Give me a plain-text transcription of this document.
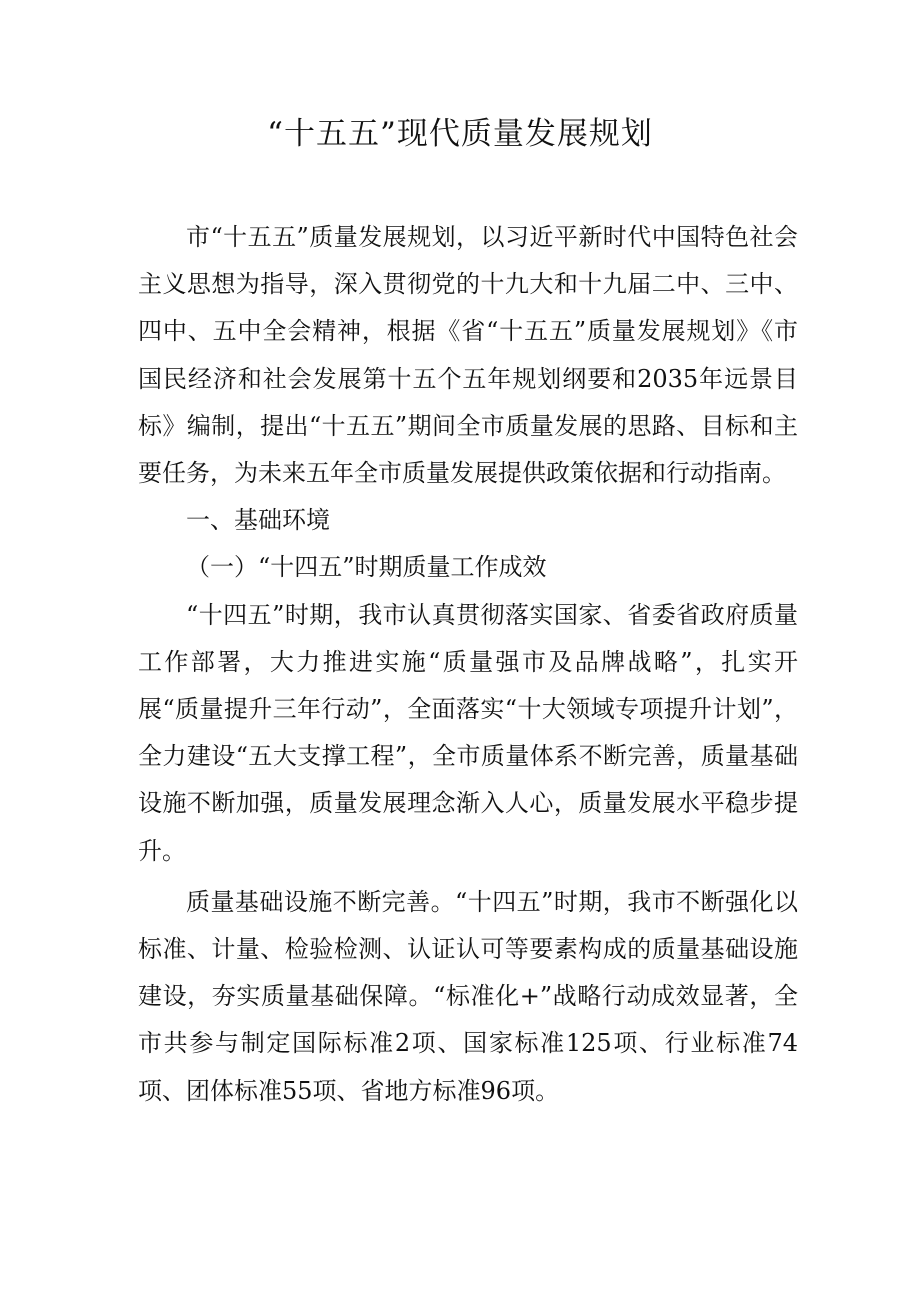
“十五五”现代质量发展规划

市“十五五”质量发展规划，以习近平新时代中国特色社会主义思想为指导，深入贯彻党的十九大和十九届二中、三中、四中、五中全会精神，根据《省“十五五”质量发展规划》《市国民经济和社会发展第十五个五年规划纲要和2035年远景目标》编制，提出“十五五”期间全市质量发展的思路、目标和主要任务，为未来五年全市质量发展提供政策依据和行动指南。

一、基础环境

（一）“十四五”时期质量工作成效

“十四五”时期，我市认真贯彻落实国家、省委省政府质量工作部署，大力推进实施“质量强市及品牌战略”，扎实开展“质量提升三年行动”，全面落实“十大领域专项提升计划”，全力建设“五大支撑工程”，全市质量体系不断完善，质量基础设施不断加强，质量发展理念渐入人心，质量发展水平稳步提升。

质量基础设施不断完善。“十四五”时期，我市不断强化以标准、计量、检验检测、认证认可等要素构成的质量基础设施建设，夯实质量基础保障。“标准化+”战略行动成效显著，全市共参与制定国际标准2项、国家标准125项、行业标准74项、团体标准55项、省地方标准96项。
